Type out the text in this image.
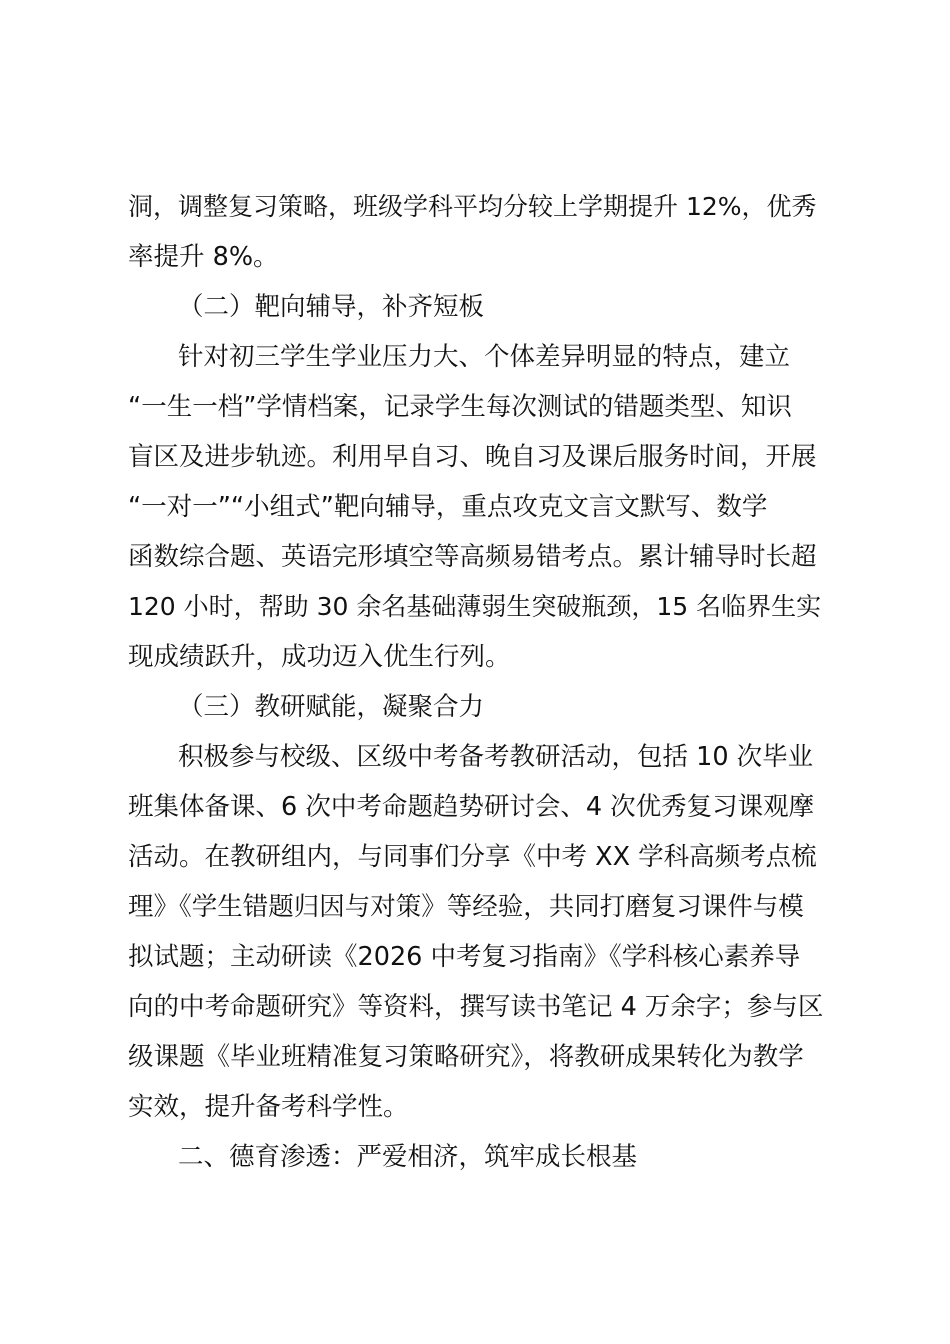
洞，调整复习策略，班级学科平均分较上学期提升 12%，优秀
率提升 8%。
（二）靶向辅导，补齐短板
针对初三学生学业压力大、个体差异明显的特点，建立
“一生一档”学情档案，记录学生每次测试的错题类型、知识
盲区及进步轨迹。利用早自习、晚自习及课后服务时间，开展
“一对一”“小组式”靶向辅导，重点攻克文言文默写、数学
函数综合题、英语完形填空等高频易错考点。累计辅导时长超
120 小时，帮助 30 余名基础薄弱生突破瓶颈，15 名临界生实
现成绩跃升，成功迈入优生行列。
（三）教研赋能，凝聚合力
积极参与校级、区级中考备考教研活动，包括 10 次毕业
班集体备课、6 次中考命题趋势研讨会、4 次优秀复习课观摩
活动。在教研组内，与同事们分享《中考 XX 学科高频考点梳
理》《学生错题归因与对策》等经验，共同打磨复习课件与模
拟试题；主动研读《2026 中考复习指南》《学科核心素养导
向的中考命题研究》等资料，撰写读书笔记 4 万余字；参与区
级课题《毕业班精准复习策略研究》，将教研成果转化为教学
实效，提升备考科学性。
二、德育渗透：严爱相济，筑牢成长根基
